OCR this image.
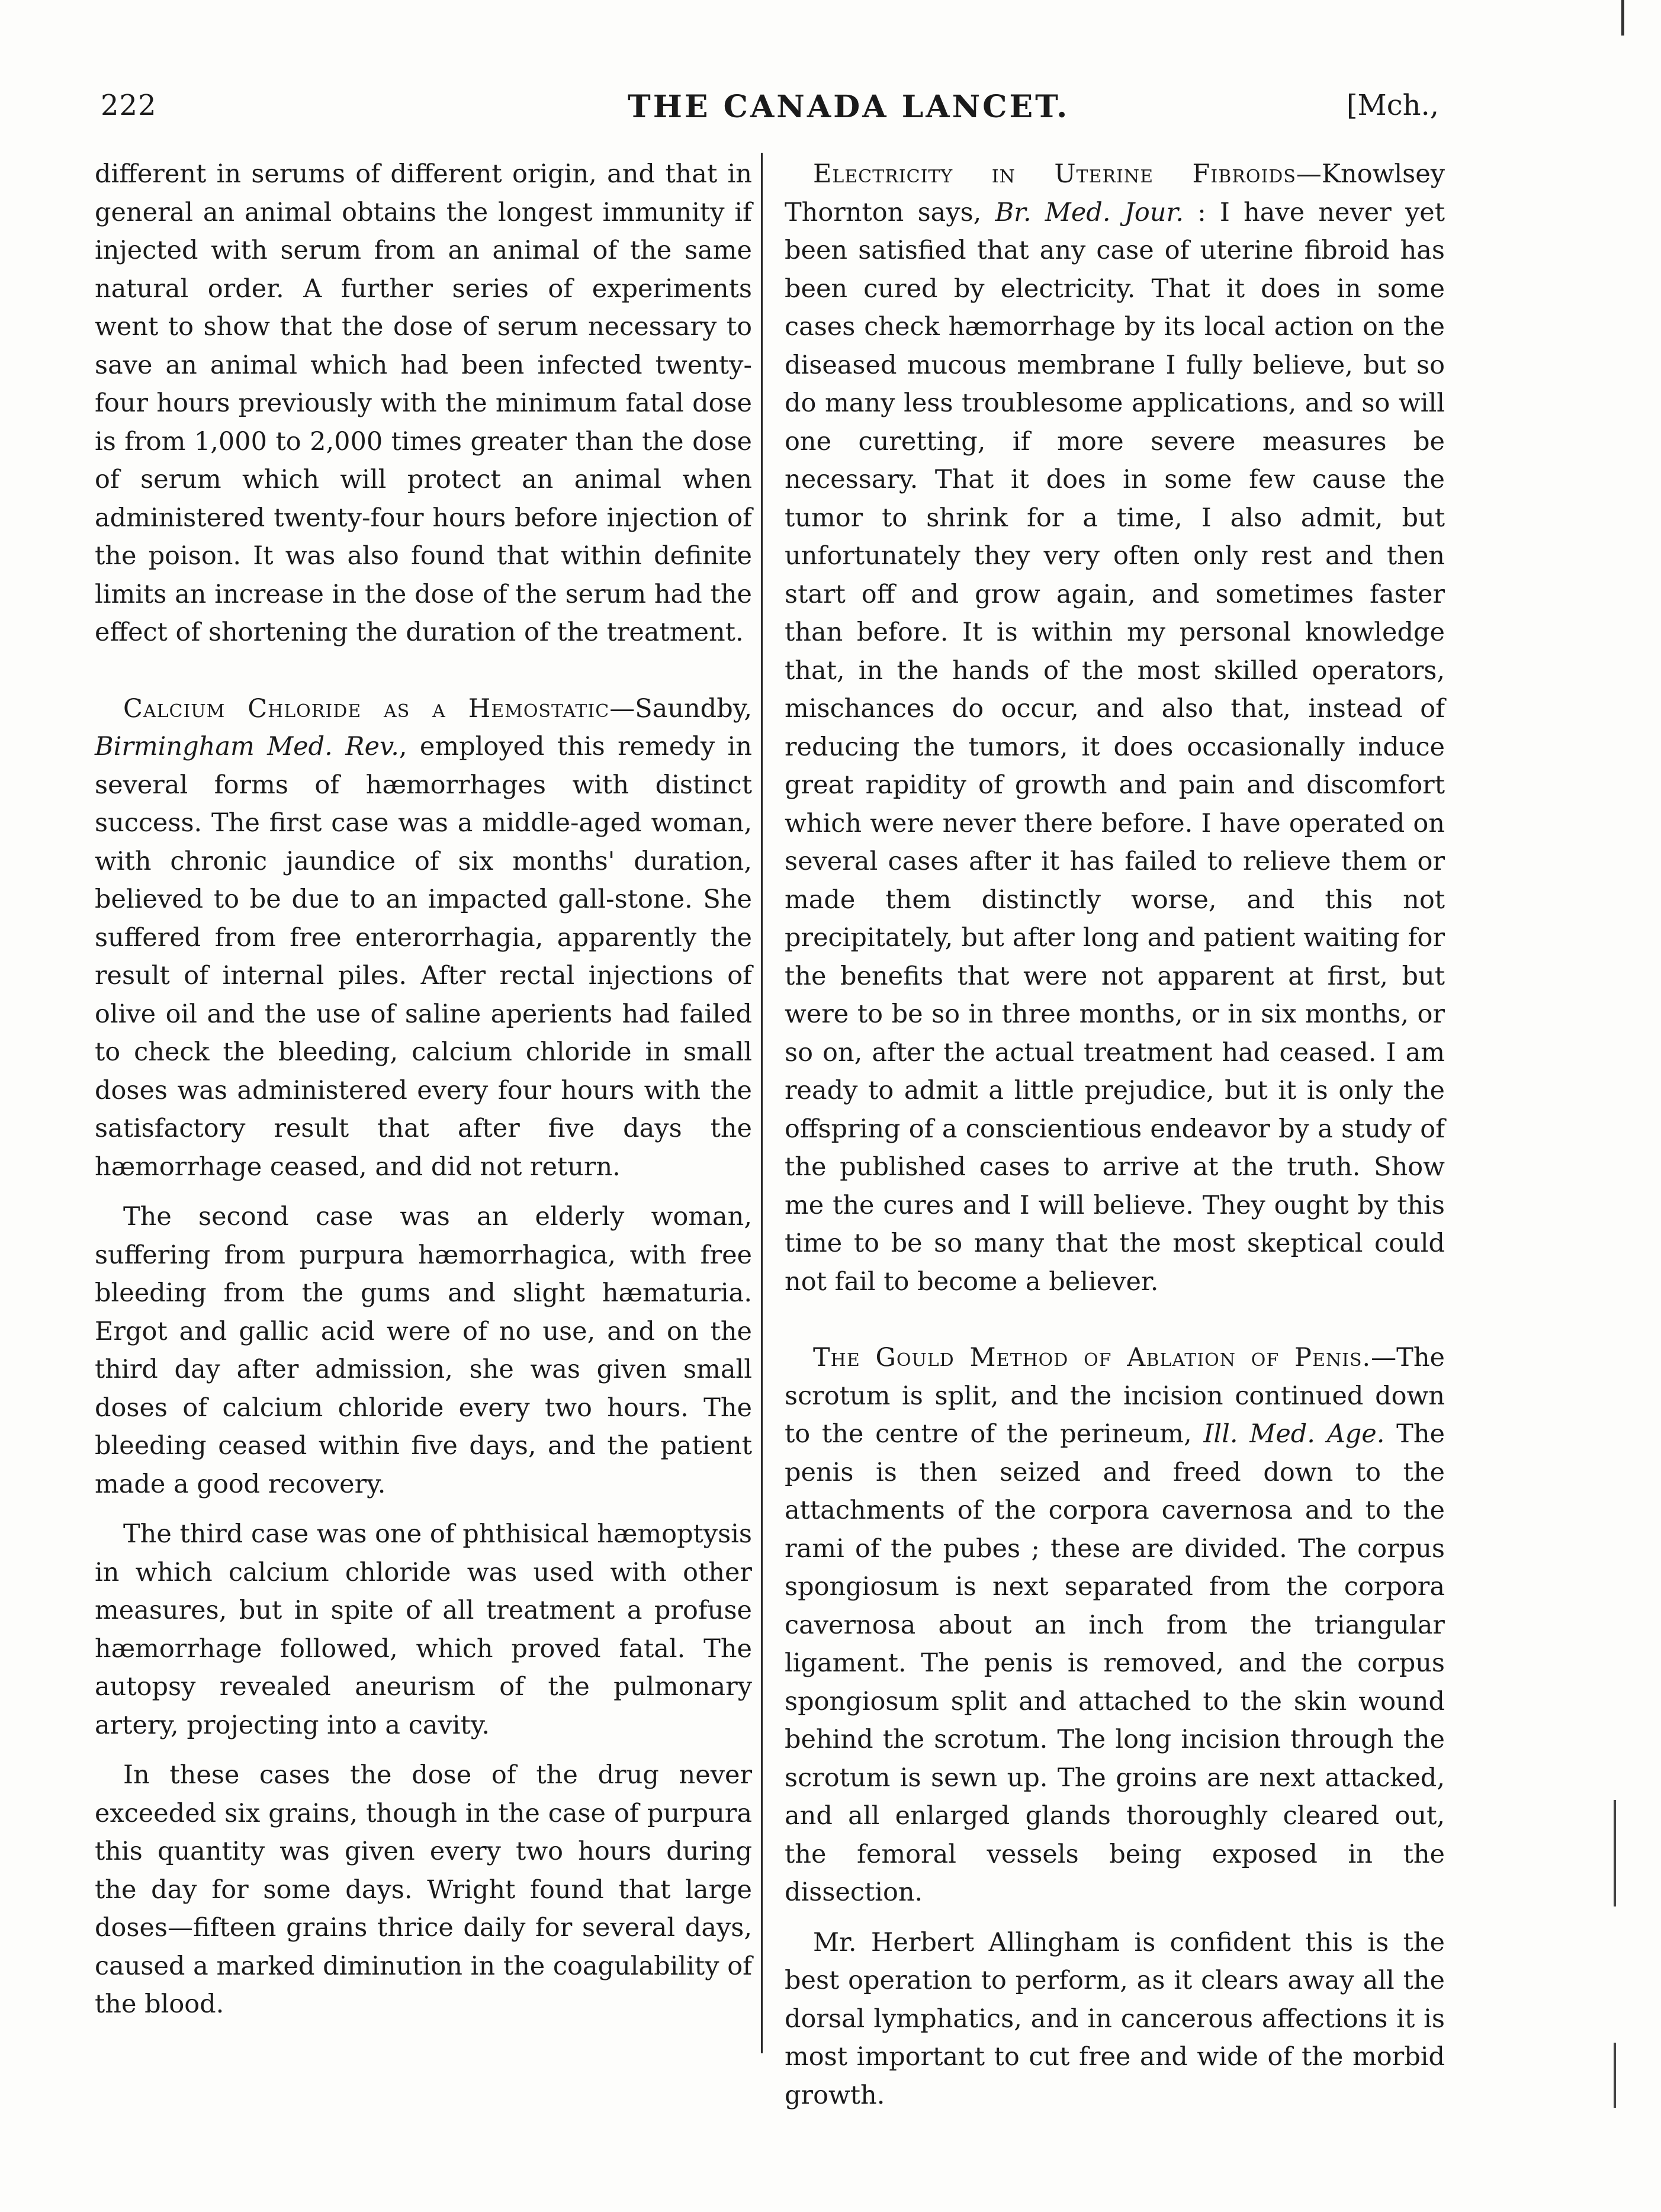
222	THE CANADA LANCET.	[Mch.,

different in serums of different origin, and that in general an animal obtains the longest immunity if injected with serum from an animal of the same natural order. A further series of experiments went to show that the dose of serum necessary to save an animal which had been infected twenty-four hours previously with the minimum fatal dose is from 1,000 to 2,000 times greater than the dose of serum which will protect an animal when administered twenty-four hours before injection of the poison. It was also found that within definite limits an increase in the dose of the serum had the effect of shortening the duration of the treatment.

Calcium Chloride as a Hemostatic—Saundby, Birmingham Med. Rev., employed this remedy in several forms of hæmorrhages with distinct success. The first case was a middle-aged woman, with chronic jaundice of six months' duration, believed to be due to an impacted gall-stone. She suffered from free enterorrhagia, apparently the result of internal piles. After rectal injections of olive oil and the use of saline aperients had failed to check the bleeding, calcium chloride in small doses was administered every four hours with the satisfactory result that after five days the hæmorrhage ceased, and did not return.

The second case was an elderly woman, suffering from purpura hæmorrhagica, with free bleeding from the gums and slight hæmaturia. Ergot and gallic acid were of no use, and on the third day after admission, she was given small doses of calcium chloride every two hours. The bleeding ceased within five days, and the patient made a good recovery.

The third case was one of phthisical hæmoptysis in which calcium chloride was used with other measures, but in spite of all treatment a profuse hæmorrhage followed, which proved fatal. The autopsy revealed aneurism of the pulmonary artery, projecting into a cavity.

In these cases the dose of the drug never exceeded six grains, though in the case of purpura this quantity was given every two hours during the day for some days. Wright found that large doses—fifteen grains thrice daily for several days, caused a marked diminution in the coagulability of the blood.

Electricity in Uterine Fibroids—Knowlsey Thornton says, Br. Med. Jour. : I have never yet been satisfied that any case of uterine fibroid has been cured by electricity. That it does in some cases check hæmorrhage by its local action on the diseased mucous membrane I fully believe, but so do many less troublesome applications, and so will one curetting, if more severe measures be necessary. That it does in some few cause the tumor to shrink for a time, I also admit, but unfortunately they very often only rest and then start off and grow again, and sometimes faster than before. It is within my personal knowledge that, in the hands of the most skilled operators, mischances do occur, and also that, instead of reducing the tumors, it does occasionally induce great rapidity of growth and pain and discomfort which were never there before. I have operated on several cases after it has failed to relieve them or made them distinctly worse, and this not precipitately, but after long and patient waiting for the benefits that were not apparent at first, but were to be so in three months, or in six months, or so on, after the actual treatment had ceased. I am ready to admit a little prejudice, but it is only the offspring of a conscientious endeavor by a study of the published cases to arrive at the truth. Show me the cures and I will believe. They ought by this time to be so many that the most skeptical could not fail to become a believer.

The Gould Method of Ablation of Penis.—The scrotum is split, and the incision continued down to the centre of the perineum, Ill. Med. Age. The penis is then seized and freed down to the attachments of the corpora cavernosa and to the rami of the pubes ; these are divided. The corpus spongiosum is next separated from the corpora cavernosa about an inch from the triangular ligament. The penis is removed, and the corpus spongiosum split and attached to the skin wound behind the scrotum. The long incision through the scrotum is sewn up. The groins are next attacked, and all enlarged glands thoroughly cleared out, the femoral vessels being exposed in the dissection.

Mr. Herbert Allingham is confident this is the best operation to perform, as it clears away all the dorsal lymphatics, and in cancerous affections it is most important to cut free and wide of the morbid growth.
